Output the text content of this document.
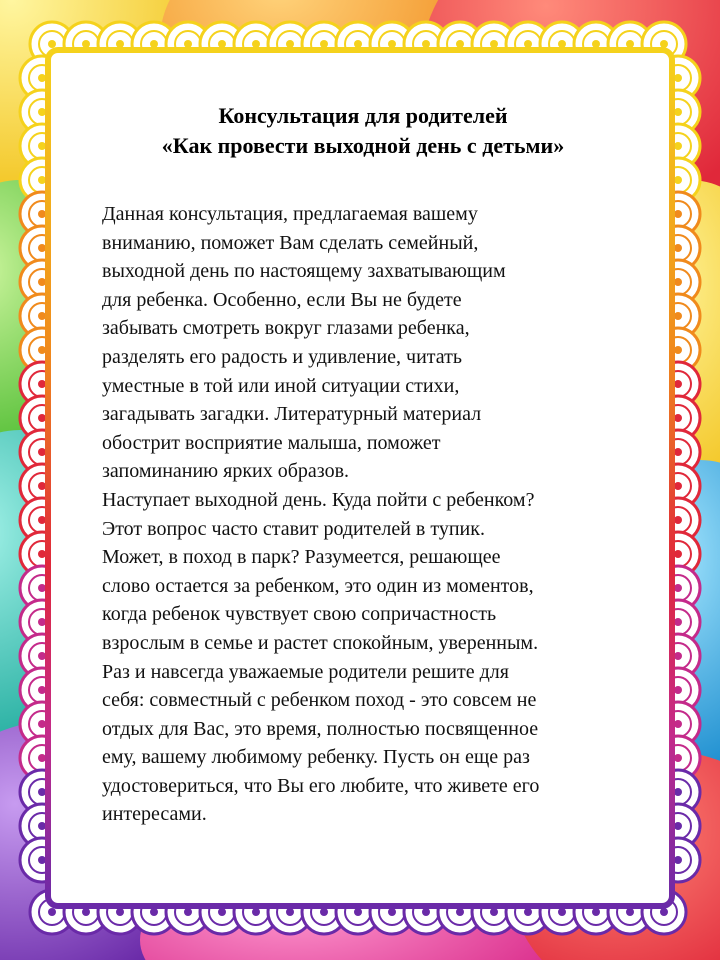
Консультация для родителей
«Как провести выходной день с детьми»
Данная консультация, предлагаемая вашему
вниманию, поможет Вам сделать семейный,
выходной день по настоящему захватывающим
для ребенка. Особенно, если Вы не будете
забывать смотреть вокруг глазами ребенка,
разделять его радость и удивление, читать
уместные в той или иной ситуации стихи,
загадывать загадки. Литературный материал
обострит восприятие малыша, поможет
запоминанию ярких образов.
Наступает выходной день. Куда пойти с ребенком?
Этот вопрос часто ставит родителей в тупик.
Может, в поход в парк? Разумеется, решающее
слово остается за ребенком, это один из моментов,
когда ребенок чувствует свою сопричастность
взрослым в семье и растет спокойным, уверенным.
Раз и навсегда уважаемые родители решите для
себя: совместный с ребенком поход - это совсем не
отдых для Вас, это время, полностью посвященное
ему, вашему любимому ребенку. Пусть он еще раз
удостовериться, что Вы его любите, что живете его
интересами.
